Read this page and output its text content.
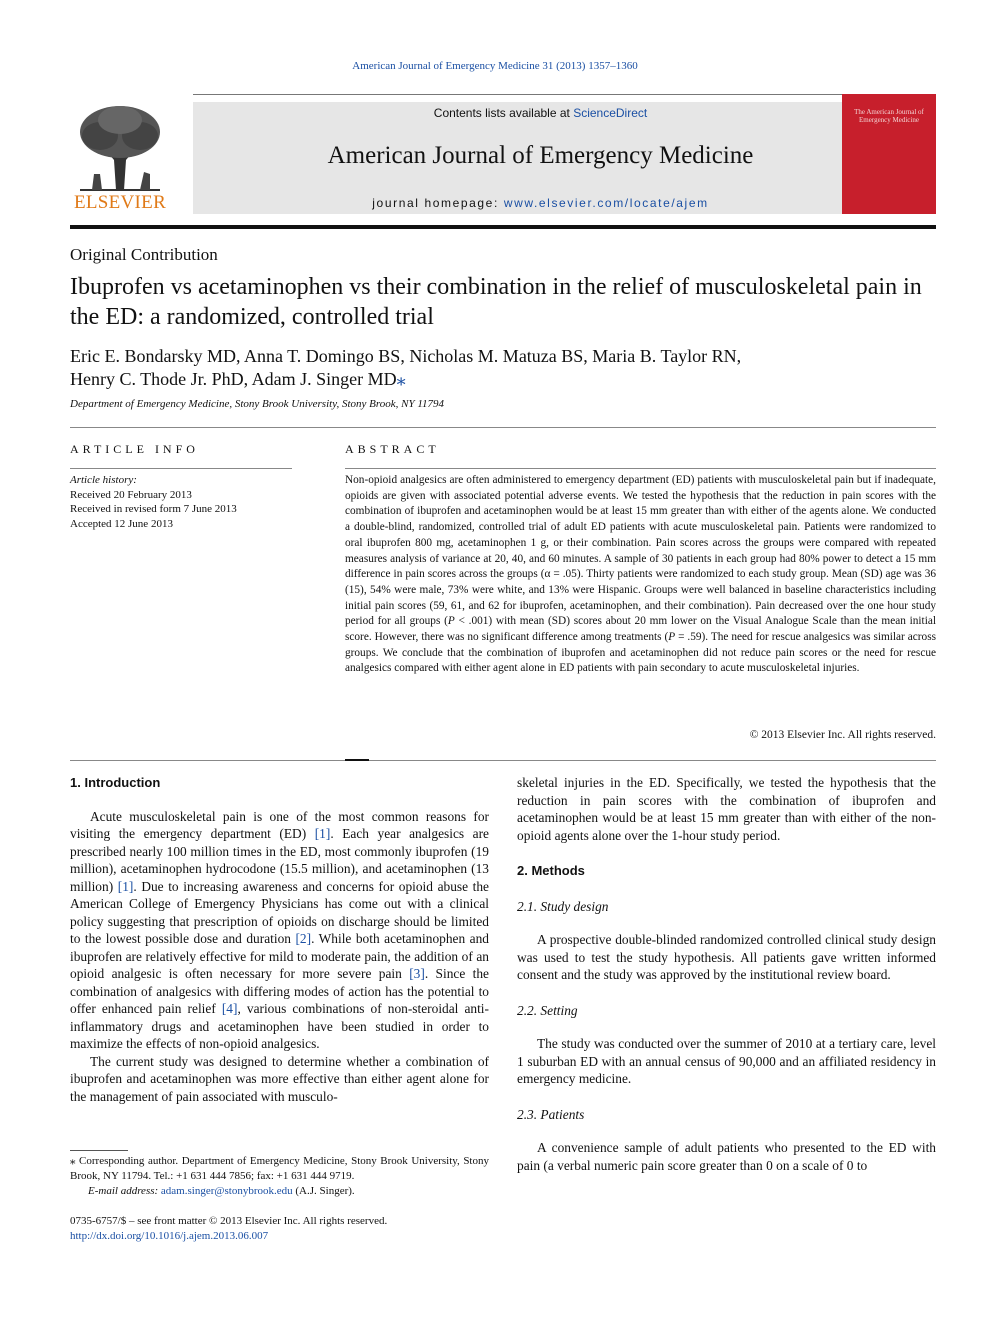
American Journal of Emergency Medicine 31 (2013) 1357–1360
ELSEVIER
Contents lists available at ScienceDirect
American Journal of Emergency Medicine
journal homepage: www.elsevier.com/locate/ajem
The American Journal of Emergency Medicine
Original Contribution
Ibuprofen vs acetaminophen vs their combination in the relief of musculoskeletal pain in the ED: a randomized, controlled trial
Eric E. Bondarsky MD, Anna T. Domingo BS, Nicholas M. Matuza BS, Maria B. Taylor RN,
Henry C. Thode Jr. PhD, Adam J. Singer MD⁎
Department of Emergency Medicine, Stony Brook University, Stony Brook, NY 11794
ARTICLE INFO
Article history:
Received 20 February 2013
Received in revised form 7 June 2013
Accepted 12 June 2013
ABSTRACT
Non-opioid analgesics are often administered to emergency department (ED) patients with musculoskeletal pain but if inadequate, opioids are given with associated potential adverse events. We tested the hypothesis that the reduction in pain scores with the combination of ibuprofen and acetaminophen would be at least 15 mm greater than with either of the agents alone. We conducted a double-blind, randomized, controlled trial of adult ED patients with acute musculoskeletal pain. Patients were randomized to oral ibuprofen 800 mg, acetaminophen 1 g, or their combination. Pain scores across the groups were compared with repeated measures analysis of variance at 20, 40, and 60 minutes. A sample of 30 patients in each group had 80% power to detect a 15 mm difference in pain scores across the groups (α = .05). Thirty patients were randomized to each study group. Mean (SD) age was 36 (15), 54% were male, 73% were white, and 13% were Hispanic. Groups were well balanced in baseline characteristics including initial pain scores (59, 61, and 62 for ibuprofen, acetaminophen, and their combination). Pain decreased over the one hour study period for all groups (P < .001) with mean (SD) scores about 20 mm lower on the Visual Analogue Scale than the mean initial score. However, there was no significant difference among treatments (P = .59). The need for rescue analgesics was similar across groups. We conclude that the combination of ibuprofen and acetaminophen did not reduce pain scores or the need for rescue analgesics compared with either agent alone in ED patients with pain secondary to acute musculoskeletal injuries.
© 2013 Elsevier Inc. All rights reserved.
1. Introduction

Acute musculoskeletal pain is one of the most common reasons for visiting the emergency department (ED) [1]. Each year analgesics are prescribed nearly 100 million times in the ED, most commonly ibuprofen (19 million), acetaminophen hydrocodone (15.5 million), and acetaminophen (13 million) [1]. Due to increasing awareness and concerns for opioid abuse the American College of Emergency Physicians has come out with a clinical policy suggesting that prescription of opioids on discharge should be limited to the lowest possible dose and duration [2]. While both acetaminophen and ibuprofen are relatively effective for mild to moderate pain, the addition of an opioid analgesic is often necessary for more severe pain [3]. Since the combination of analgesics with differing modes of action has the potential to offer enhanced pain relief [4], various combinations of non-steroidal anti-inflammatory drugs and acetaminophen have been studied in order to maximize the effects of non-opioid analgesics.

The current study was designed to determine whether a combination of ibuprofen and acetaminophen was more effective than either agent alone for the management of pain associated with musculo-

skeletal injuries in the ED. Specifically, we tested the hypothesis that the reduction in pain scores with the combination of ibuprofen and acetaminophen would be at least 15 mm greater than with either of the non-opioid agents alone over the 1-hour study period.

2. Methods
2.1. Study design

A prospective double-blinded randomized controlled clinical study design was used to test the study hypothesis. All patients gave written informed consent and the study was approved by the institutional review board.

2.2. Setting

The study was conducted over the summer of 2010 at a tertiary care, level 1 suburban ED with an annual census of 90,000 and an affiliated residency in emergency medicine.

2.3. Patients

A convenience sample of adult patients who presented to the ED with pain (a verbal numeric pain score greater than 0 on a scale of 0 to

⁎ Corresponding author. Department of Emergency Medicine, Stony Brook University, Stony Brook, NY 11794. Tel.: +1 631 444 7856; fax: +1 631 444 9719.
E-mail address: adam.singer@stonybrook.edu (A.J. Singer).
0735-6757/$ – see front matter © 2013 Elsevier Inc. All rights reserved.
http://dx.doi.org/10.1016/j.ajem.2013.06.007
